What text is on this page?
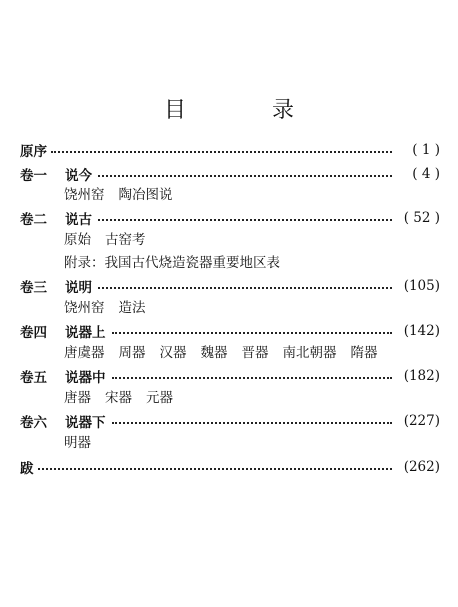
目　录
原序	( 1 )
卷一	说今	( 4 )
饶州窑 陶冶图说
卷二	说古	( 52 )
原始 古窑考
附录：我国古代烧造瓷器重要地区表
卷三	说明	(105)
饶州窑 造法
卷四	说器上	(142)
唐虞器 周器 汉器 魏器 晋器 南北朝器 隋器
卷五	说器中	(182)
唐器 宋器 元器
卷六	说器下	(227)
明器
跋	(262)
